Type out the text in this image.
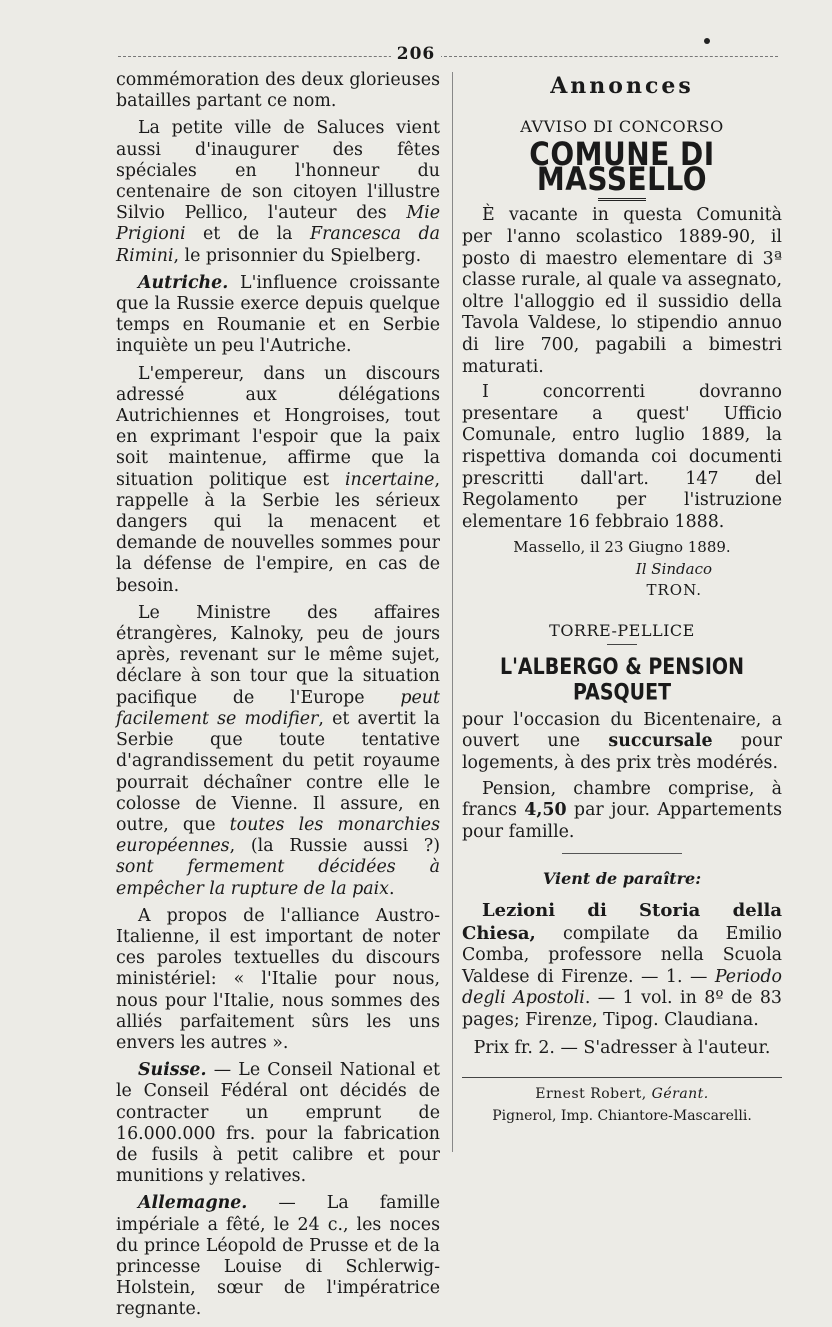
206

commémoration des deux glorieuses batailles partant ce nom.

La petite ville de Saluces vient aussi d'inaugurer des fêtes spéciales en l'honneur du centenaire de son citoyen l'illustre Silvio Pellico, l'auteur des Mie Prigioni et de la Francesca da Rimini, le prisonnier du Spielberg.

Autriche. L'influence croissante que la Russie exerce depuis quelque temps en Roumanie et en Serbie inquiète un peu l'Autriche.

L'empereur, dans un discours adressé aux délégations Autrichiennes et Hongroises, tout en exprimant l'espoir que la paix soit maintenue, affirme que la situation politique est incertaine, rappelle à la Serbie les sérieux dangers qui la menacent et demande de nouvelles sommes pour la défense de l'empire, en cas de besoin.

Le Ministre des affaires étrangères, Kalnoky, peu de jours après, revenant sur le même sujet, déclare à son tour que la situation pacifique de l'Europe peut facilement se modifier, et avertit la Serbie que toute tentative d'agrandissement du petit royaume pourrait déchaîner contre elle le colosse de Vienne. Il assure, en outre, que toutes les monarchies européennes, (la Russie aussi ?) sont fermement décidées à empêcher la rupture de la paix.

A propos de l'alliance Austro-Italienne, il est important de noter ces paroles textuelles du discours ministériel: « l'Italie pour nous, nous pour l'Italie, nous sommes des alliés parfaitement sûrs les uns envers les autres ».

Suisse. — Le Conseil National et le Conseil Fédéral ont décidés de contracter un emprunt de 16.000.000 frs. pour la fabrication de fusils à petit calibre et pour munitions y relatives.

Allemagne. — La famille impériale a fêté, le 24 c., les noces du prince Léopold de Prusse et de la princesse Louise di Schlerwig-Holstein, sœur de l'impératrice regnante.

Annonces
AVVISO DI CONCORSO
COMUNE DI MASSELLO

È vacante in questa Comunità per l'anno scolastico 1889-90, il posto di maestro elementare di 3ª classe rurale, al quale va assegnato, oltre l'alloggio ed il sussidio della Tavola Valdese, lo stipendio annuo di lire 700, pagabili a bimestri maturati.

I concorrenti dovranno presentare a quest' Ufficio Comunale, entro luglio 1889, la rispettiva domanda coi documenti prescritti dall'art. 147 del Regolamento per l'istruzione elementare 16 febbraio 1888.

Massello, il 23 Giugno 1889.
Il Sindaco
TRON.
TORRE-PELLICE
L'ALBERGO & PENSION PASQUET

pour l'occasion du Bicentenaire, a ouvert une succursale pour logements, à des prix très modérés.

Pension, chambre comprise, à francs 4,50 par jour. Appartements pour famille.

Vient de paraître:

Lezioni di Storia della Chiesa, compilate da Emilio Comba, professore nella Scuola Valdese di Firenze. — 1. — Periodo degli Apostoli. — 1 vol. in 8º de 83 pages; Firenze, Tipog. Claudiana.

Prix fr. 2. — S'adresser à l'auteur.
Ernest Robert, Gérant.
Pignerol, Imp. Chiantore-Mascarelli.
